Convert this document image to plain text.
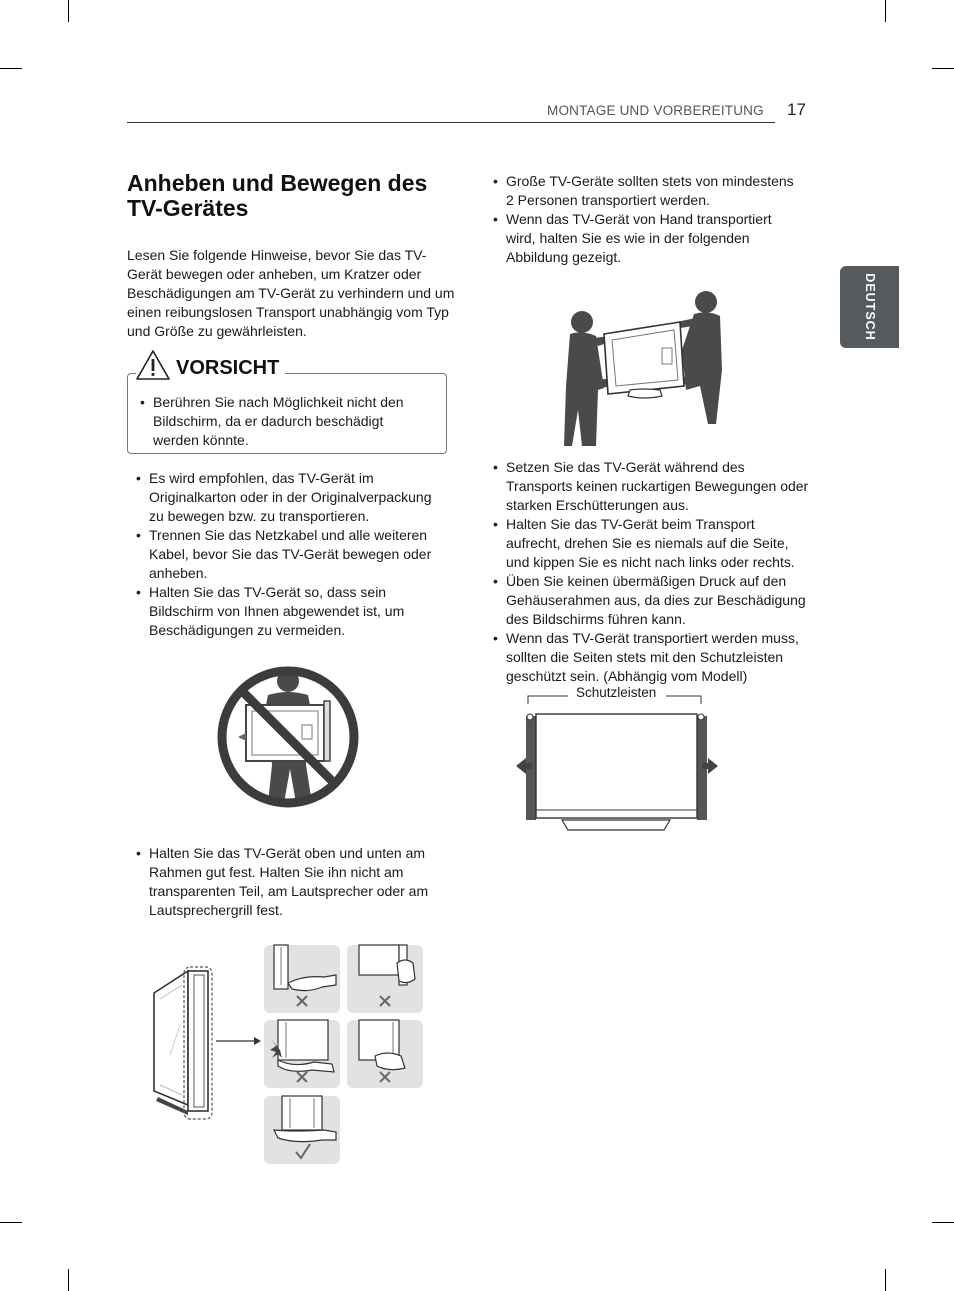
MONTAGE UND VORBEREITUNG 17
DEUTSCH
Anheben und Bewegen des TV-Gerätes
Lesen Sie folgende Hinweise, bevor Sie das TV-Gerät bewegen oder anheben, um Kratzer oder Beschädigungen am TV-Gerät zu verhindern und um einen reibungslosen Transport unabhängig vom Typ und Größe zu gewährleisten.
VORSICHT
• Berühren Sie nach Möglichkeit nicht den Bildschirm, da er dadurch beschädigt werden könnte.
• Es wird empfohlen, das TV-Gerät im Originalkarton oder in der Originalverpackung zu bewegen bzw. zu transportieren.
• Trennen Sie das Netzkabel und alle weiteren Kabel, bevor Sie das TV-Gerät bewegen oder anheben.
• Halten Sie das TV-Gerät so, dass sein Bildschirm von Ihnen abgewendet ist, um Beschädigungen zu vermeiden.
• Halten Sie das TV-Gerät oben und unten am Rahmen gut fest. Halten Sie ihn nicht am transparenten Teil, am Lautsprecher oder am Lautsprechergrill fest.
• Große TV-Geräte sollten stets von mindestens 2 Personen transportiert werden.
• Wenn das TV-Gerät von Hand transportiert wird, halten Sie es wie in der folgenden Abbildung gezeigt.
• Setzen Sie das TV-Gerät während des Transports keinen ruckartigen Bewegungen oder starken Erschütterungen aus.
• Halten Sie das TV-Gerät beim Transport aufrecht, drehen Sie es niemals auf die Seite, und kippen Sie es nicht nach links oder rechts.
• Üben Sie keinen übermäßigen Druck auf den Gehäuserahmen aus, da dies zur Beschädigung des Bildschirms führen kann.
• Wenn das TV-Gerät transportiert werden muss, sollten die Seiten stets mit den Schutzleisten geschützt sein. (Abhängig vom Modell)
Schutzleisten
